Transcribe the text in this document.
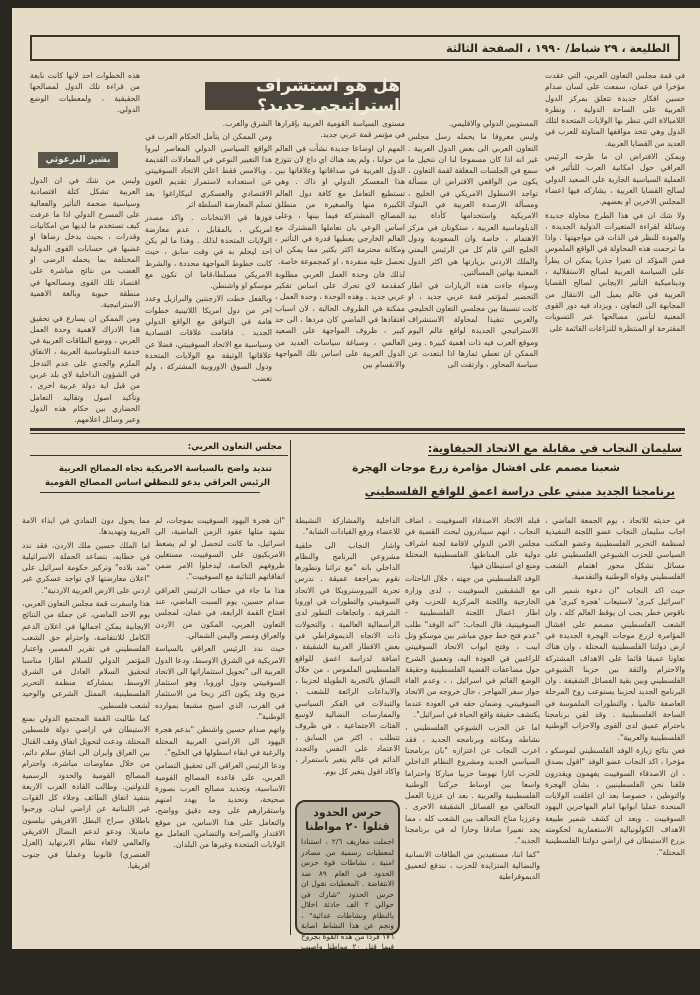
الطليعة ، ٢٩ شباط/ ١٩٩٠ ، الصفحة الثالثة
هل هو استشراف استراتيجي جديد؟

في قمة مجلس التعاون العربي، التي عقدت مؤخرا في عمان، سمعت على لسان صدام حسين افكار جديدة تتعلق بمركز الدول العربية على الساحة الدولية ، ونظرة اللامبالاة التي تنظر بها الولايات المتحدة لتلك الدول وهي تتخذ مواقفها المناوئة للعرب في العديد من القضايا العربية.

ويمكن الافتراض ان ما طرحه الرئيس العراقي حول امكانية العرب للتأثير في العملية السياسية الجارية على الصعيد الدولي لصالح القضايا العربية ، يشاركه فيها اعضاء المجلس الاخرين او بعضهم.

ولا شك ان في هذا الطرح محاولة جديدة وسائلة لقراءة المتغيرات الدولية الجديدة ، والعودة للنظر في الذات في مواجهتها . واذا ما ترجمت هذه المحاولة في الواقع الملموس فمن المؤكد ان تغيرا جذريا يمكن ان يطرأ على السياسة العربية لصالح الاستقلالية ، وديناميكية التأثير الايجابي لصالح القضايا العربية في عالم يميل الى الانتقال من المجابهة الى التعاون ، ويزداد فيه دور القوى المعنية لتأمين مصالحها عبر التسويات المقترحة او المنتظرة للنزاعات القائمة على

المستويين الدولي والاقليمي.

وليس معروفا ما يحمله رسل مجلس التعاون العربي الى بعض الدول العربية . غير انه اذا كان مسموحا لنا ان نتخيل ما سمع في الجلسات المغلقة لقمة التعاون ، يكون من الواقعي الافتراض ان مسألة تواجد الاسطول الامريكي في الخليج ، ومسألة الارصدة العربية في البنوك الامريكية واستخدامها كأداة بيد الدبلوماسية العربية ، ستكونان في مركز الاهتمام ، خاصة وان السعودية ودول الخليج التي قام كل من الرئيس اليمني والملك الاردني بزيارتها هي اكثر الدول المعنية بهاتين المسألتين.

وسواء جاءت هذه الزيارات في اطار التحضير لمؤتمر قمة عربي جديد ، او كانت تنسيقا بين مجلسي التعاون الخليجي والعربي تنفيذا لمحاولة الاستشراف الاستراتيجي الجديدة لواقع عالم اليوم وموقع العرب فيه ذات اهمية كبيرة . ومن الممكن ان تعطي ثمارها اذا ابتعدت عن سياسة المحاور ، وارتقت الى

مستوى السياسة القومية العربية بإقرارها في مؤتمر قمة عربي جديد.

المهم ان اوضاعا جديدة نشأت في العالم من حولنا ، ولم يعد هناك اي داع لان تتوزع الدول العربية في صداقاتها وعلاقاتها بين هذا المعسكر الدولي او ذاك . وهي تستطيع التعامل مع كافة دول العالم الكبيرة منها والصغيرة من منطلق المصالح المشتركة فيما بينها ، وعلى اساس الوعي بان تعاملها المشترك مع العالم الخارجي يعطيها قدرة في التأثير ، ومكانة محترمة اكثر بكثير مما يمكن ان تحصل عليه منفردة ، او كمجموعة خاصة.

لذلك فان وحدة العمل العربي مطلوبة كمقدمة لاي تحرك على اساس تفكير عربي جديد . وهذه الوحدة ، وحدة العمل ، ممكنة في الظروف الحالية ، لان اسباب افتقادها في الماضي كان مردها ، الى حد كبير ، ظروف المواجهة على الصعيد العالمي ، وصياغة سياسات العديد من الدول العربية على اساس تلك المواجهة والانقسام بين

الشرق والغرب.

ومن الممكن ان يتأمل الحكام العرب في الواقع السياسي الدولي المعاصر ليروا هذا التغيير النوعي في المعادلات القديمة . وبالامس فقط اعلن الاتحاد السوفييتي عن استعداده لاستمرار تقديم العون الاقتصادي والعسكري لنيكاراغوا بعد تسلم المعارضة السلطة اثر

فوزها في الانتخابات . واكد مصدر امريكي ، بالمقابل ، عدم معارضة الولايات المتحدة لذلك . وهذا ما لم يكن احد ليحلم به في وقت سابق ، حيث كانت خطوط المواجهة محددة ، والشرط الامريكي مسلطا،قاما ان تكون مع موسكو او واشنطن.

وبالفعل خطت الارجنتين والبرازيل وعدد اخر من دول امريكا اللاتينية خطوات هامة في التوافق مع الواقع الدولي الجديد . فاقامت علاقات اقتصادية وسياسية مع الاتحاد السوفييتي، فضلا عن علاقاتها الوثيقة مع الولايات المتحدة ودول السوق الاوروبية المشتركة ، ولم تغضب

هذه الخطوات احد لانها كانت نابعة من قراءة تلك الدول لمصالحها الحقيقية ، ولمعطيات الوضع الدولي.

بشير البرغوثي

وليس من شك في ان الدول العربية تشكل كتلة اقتصادية وسياسية ضخمة التأثير والفعالية على المسرح الدولي اذا ما عرفت كيف تستخدم ما لديها من امكانيات وقدرات ، بحيث يدخل رضاها او غضبها في حسابات القوى الدولية المختلفة بما يحمله الرضى او الغضب من نتائج مباشرة على اقتصاد تلك القوى ومصالحها في منطقة حيوية وبالغة الاهمية الاستراتيجية.

ومن الممكن ان يسارع في تحقيق هذا الادراك لاهمية وحدة العمل العربي ، ووضع الطاقات العربية في خدمة الدبلوماسية العربية ، الاتفاق الملزم والجدي على عدم التدخل في الشؤون الداخلية لاي بلد عربي من قبل اية دولة عربية اخرى ، وتأكيد اصول وتقاليد التعامل الحضاري بين حكام هذه الدول وعبر وسائل اعلامهم.

سليمان النجاب في مقابلة مع الاتحاد الحيفاوية:
شعبنا مصمم على افشال مؤامرة زرع موجات الهجرة
برنامجنا الجديد مبني على دراسة اعمق للواقع الفلسطيني

في حديثه للاتحاد ، يوم الجمعة الماضي ، اجاب سليمان النجاب عضو اللجنة التنفيذية لمنظمة التحرير الفلسطينية وعضو المكتب السياسي للحزب الشيوعي الفلسطيني على مسائل تشكل محور اهتمام الشعب الفلسطيني وقواه الوطنية والتقدمية.

حيث اكد النجاب "ان دعوة شمير الى 'اسرائيل كبرى' لاستيعاب 'هجرة كبرى' هي ناقوس خطر يجب ان يوقظ العالم كله ، وان الشعب الفلسطيني مصمم على افشال المؤامرة لزرع موجات الهجرة الجديدة في ارض دولتنا الفلسطينية المحتلة ، وان هناك تعاونا عميقا قائما على الاهداف المشتركة والاحترام والثقة بين حزبنا الشيوعي الفلسطيني وبين بقية الفصائل الشقيقة . وان البرنامج الجديد لحزبنا يستوعب روح المرحلة العاصفة عالميا ، والتطورات الملموسة في الساحة الفلسطينية . وقد لقي برنامجنا باحترام عميق لدى القوى والاحزاب الوطنية الفلسطينية والعربية".

فعن نتائج زيارة الوفد الفلسطيني لموسكو ، مؤخرا ، اكد النجاب عضو الوفد "اقول بصدق ، ان الاصدقاء السوفييت يفهمون ويقدرون قلقنا نحن الفلسطينيين ، بشأن الهجرة والتوطين ، خصوصا بعد ان اغلقت الولايات المتحدة عمليا ابوابها امام المهاجرين اليهود السوفييت . وبعد ان كشف شمير طبيعة الاهداف الكولونيالية الاستعمارية لحكومته بزرع الاستيطان في اراضي دولتنا الفلسطينية المحتلة".

قبله الاتحاد الاصدقاء السوفييت ، اضاف النجاب ، انهم سيبادرون لبحث القضية في مجلس الامن الدولي لاقامة لجنة اشراف دولية على المناطق الفلسطينية المحتلة ومنع اي استيطان فيها.

الوفد الفلسطيني من جهته ، خلال الباحثات مع الشقيقين السوفييت ، لدى وزارة الخارجية واللجنة المركزية للحزب وفي اطار اعمال اللجنة الفلسطينية - السوفييتية، قال النجاب: "انه الوفد" طلب "عدم فتح خط جوي مباشر بين موسكو وتل ابيب ، وفتح ابواب الاتحاد السوفييتي للراغبين في العودة اليه، وتعميق الشرح حول مضاعفات القضية الفلسطينية وحقيقة الوضع القائم في اسرائيل ، ، وعدم الغاء جواز سفر المهاجر ، حال خروجه من الاتحاد السوفييتي، وضمان حقه في العودة عندما يكتشف حقيقة واقع الحياة في اسرائيل".

اما عن الحزب الشيوعي الفلسطيني ، نشاطه ومكانته وبرنامجه الجديد ، فقد اعرب النجاب عن اعتزازه "بان برنامجنا السياسي الجديد ومشروع النظام الداخلي للحزب اثارا نهوضا حزبيا مباركا واحتراما واسعا بين اوساط حركتنا الوطنية الفلسطينية والعربية . بعد ان عززنا العمل التحالفي مع الفصائل الشقيقة الاخرى . وعززنا مناخ التحالف بين الشعب كله ، مما يجد تعبيرا صادقا وحارا له في برنامجنا الجديد".

"كما اننا، مستفيدين من الطاقات الانسانية والنضالية المتزايدة للحزب ، نندفع لتعميق الديموقراطية

الداخلية والمشاركة النشيطة للاعضاء ورفع القيادات الشابة".

واشار النجاب الى خلفية مشروعي البرنامج والنظام الداخلي بانه "مع تراثنا وتطورها نقوم بمراجعة عميقة . ندرس تجربة البيروسترويكا في الاتحاد السوفييتي والتطورات في اوروبا الشرقية . واتجاهات التطور لدى الرأسمالية العالمية ، والتحولات ذات الاتجاه الديموقراطي في بعض الاقطار العربية الشقيقة ، اضافة لدراسة اعمق للواقع الفلسطيني الملموس ، من خلال التصاق بالتجربة الطويلة لحزبنا ، والابداعات الرائعة للشعب ، والتبدلات في الفكر السياسي والممارسات النضالية لاوسع الفئات الاجتماعية ، في ظروف تتطلب ، اكثر من السابق ، الاعتماد على النفس والتجدد الدائم في عالم يتغير باستمرار ، واكاد اقول يتغير كل يوم.

حرس الحدود قتلوا ٢٠ مواطنا
اجملت معاريف ٢/٦ ، استنادا لمعطيات رسمية من مصادر امنية ، نشاطات قوة حرس الحدود في العام ٨٩ ضد الانتفاضة . المعطيات تقول ان حرس الحدود "شارك في حوالي ٢ الف حادثة اخلال بالنظام ونشاطات عدائية" ، ونجم عن هذا النشاط اصابة ١٧٦ فردا من هذه القوة بجروح فيما قتل ٢٠ مواطنا واصيب ٢٦٩ اخرين من ابناء المناطق المحتلة . كما انصرفت جهوده من اعتقال ٨ الاف مواطن اخرين.
مجلس التعاون العربي:
تنديد واضح بالسياسة الامريكية تجاه المصالح العربية
الرئيس العراقي يدعو للتضامن
على اساس المصالح القومية

"ان هجرة اليهود السوفييت بموجات، لم تشهد مثلها عقود الزمن الماضية، الى اسرائيل، ما كانت لتحصل لو لم يضغط الامريكيون على السوفييت، مستغلين ظروفهم الخاصة، ليدخلوا الامر ضمن اتفاقاتهم الثنائية مع السوفييت".

هذا ما جاء في خطاب الرئيس العراقي صدام حسين، يوم السبت الماضي، عند افتتاح القمة الرابعة، في عمان، لمجلس التعاون العربي، المكون من الاردن والعراق ومصر واليمن الشمالي.

حيث ندد الرئيس العراقي بالسياسة الامريكية في الشرق الاوسط، ودعا الدول العربية الى "تحويل استثماراتها الى الاتحاد السوفييتي ودول اوروبا، وهو استثمار مربح وقد يكون اكثر ربحا من الاستثمار في الغرب، الذي اصبح مشبعا بموارده الوطنية".

واتهم صدام حسين واشنطن "بدعم هجرة اليهود الى الاراضي العربية المحتلة والرغبة في ابقاء اسطولها في الخليج".

ودعا الرئيس العراقي الى تحقيق التضامن العربي، على قاعدة المصالح القومية الاساسية، وتحديد مصالح العرب بصورة صحيحة، وتحديد ما يهدد امنهم واستقرارهم على وجه دقيق وواضح، والتعامل على هذا الاساس، من موقع الاقتدار والصراحة والتضامن، التعامل مع الولايات المتحدة وغيرها من البلدان.

مما يحول دون التمادي في ايذاء الامة العربية وتهديدها.

اما الملك حسين ملك الاردن، فقد ندد في خطابه، بتصاعد الحملة الاسرائيلية "ضد بلاده" وتركيز حكومة اسرائيل على "اعلان معارضتها لاي تواجد عسكري غير اردني على الارض العربية الاردنية".

هذا واسفرت قمة مجلس التعاون العربي، يوم الاحد الماضي، عن جملة من النتائج الايجابية يمكن اجمالها في اعلان الدعم الكامل للانتفاضة، واحترام حق الشعب الفلسطيني في تقرير المصير، واعتبار المؤتمر الدولي للسلام اطارا مناسبا لتحقيق السلام العادل في الشرق الاوسط، بمشاركة منظمة التحرير الفلسطينية، الممثل الشرعي والوحيد لشعب فلسطين.

كما طالبت القمة المجتمع الدولي بمنع الاستيطان في اراضي دولة فلسطين المحتلة. ودعت لتحويل اتفاق وقف القتال بين العراق وايران الى اتفاق سلام دائم، من خلال مفاوضات مباشرة، واحترام المصالح القومية والحدود الرسمية للدولتين. وطالب القادة العرب الاربعة بتنفيذ اتفاق الطائف وجلاء كل القوات غير اللبنانية عن اراضي لبنان. ورحبوا باطلاق سراح البطل الافريقي نيلسون مانديلا. ودعو لدعم النضال الافريقي والعالمي لالغاء نظام الابرتهايد (العزل العنصري) قانونيا وعمليا في جنوب افريقيا.
